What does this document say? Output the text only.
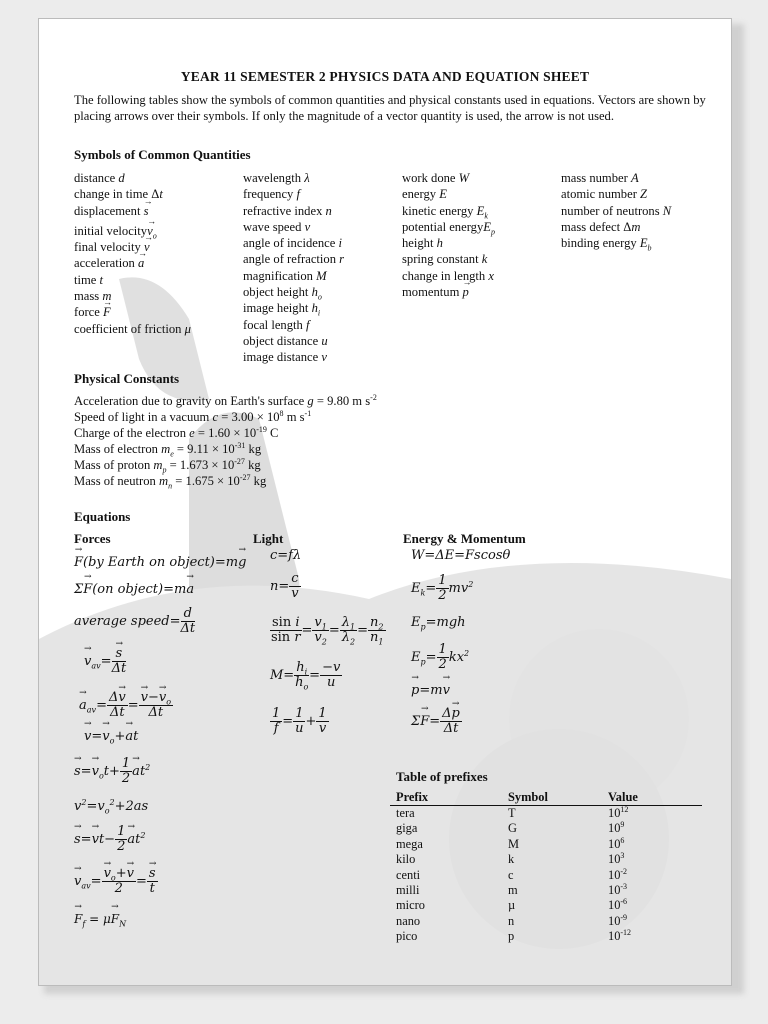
YEAR 11 SEMESTER 2 PHYSICS DATA AND EQUATION SHEET
The following tables show the symbols of common quantities and physical constants used in equations. Vectors are shown by placing arrows over their symbols. If only the magnitude of a vector quantity is used, the arrow is not used.
Symbols of Common Quantities
distance d
change in time Δt
displacement → s
initial velocity→ $v_o$
final velocity → v
acceleration → a
time t
mass m
force → F
coefficient of friction μ
wavelength λ
frequency f
refractive index n
wave speed v
angle of incidence i
angle of refraction r
magnification M
object height $h_o$
image height $h_i$
focal length f
object distance u
image distance v
work done W
energy E
kinetic energy $E_k$
potential energyE$_p$
height h
spring constant k
change in length x
momentum → p
mass number A
atomic number Z
number of neutrons N
mass defect Δm
binding energy $E_b$
Physical Constants
Acceleration due to gravity on Earth's surface g = 9.80 m $s^{-2}$
Speed of light in a vacuum $c = 3.00 \times 10^8$ m $s^{-1}$
Charge of the electron $e = 1.60 \times 10^{-19}$ C
Mass of electron $m_e = 9.11 \times 10^{-31}$ kg
Mass of proton $m_p = 1.673 \times 10^{-27}$ kg
Mass of neutron $m_n = 1.675 \times 10^{-27}$ kg
Equations
Forces	Light	Energy & Momentum
→ F(by Earth on object)=m→ g
Σ→ F(on object)=m→ a
average speed= $\frac{d}{\Delta t}$
→ $v_{av}= \to \frac{s}{\Delta t}$
→ $a_{av}= \frac{\Delta\to v}{\Delta t}$ = → $\frac{v-\to v_o}{\Delta t}$
→ $v=\to v_o+\to$ at
→ $s=\to v_ot+ \frac{1}{2} \to at^2$
$v^2=v_o^2+2as$
→ $s=\to vt- \frac{1}{2} \to at^2$
→ $v_{av}= \to \frac{v_o+\to v}{2}$ = → $\frac{s}{t}$
→ $F_f = \mu\to F_N$
c=fλ
$n= \frac{c}{v}$
$\frac{\text{sin i}}{\text{sin r}} = \frac{v_1}{v_2} = \frac{\lambda_1}{\lambda_2} = \frac{n_2}{n_1}$
$M= \frac{h_i}{h_o} = \frac{-v}{u}$
$\frac{1}{f} = \frac{1}{u} + \frac{1}{v}$
W=ΔE=Fscosθ
$E_k= \frac{1}{2} mv^2$
$E_p=mgh$
$E_p= \frac{1}{2} kx^2$
→ p=m→ v
$\Sigma\to F= \frac{\Delta\to p}{\Delta t}$
Table of prefixes
Prefix	Symbol	Value
tera	T	$10^{12}$
giga	G	$10^9$
mega	M	$10^6$
kilo	k	$10^3$
centi	c	$10^{-2}$
milli	m	$10^{-3}$
micro	µ	$10^{-6}$
nano	n	$10^{-9}$
pico	p	$10^{-12}$
